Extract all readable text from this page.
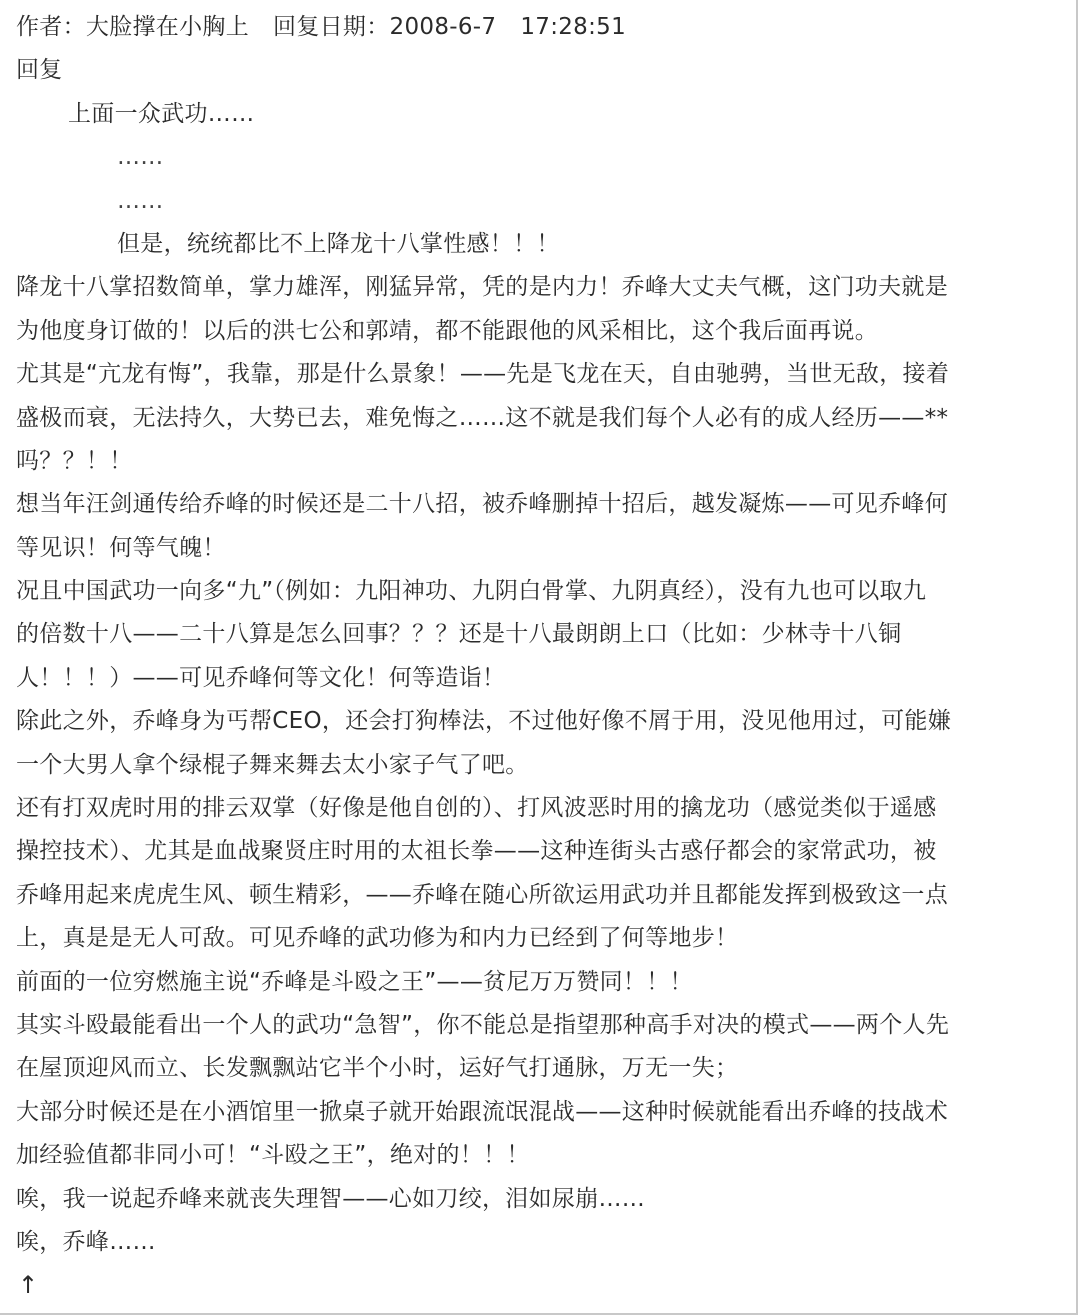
作者：大脸撑在小胸上 回复日期：2008-6-7 17:28:51
回复
上面一众武功……
……
……
但是，统统都比不上降龙十八掌性感！！！
降龙十八掌招数简单，掌力雄浑，刚猛异常，凭的是内力！乔峰大丈夫气概，这门功夫就是
为他度身订做的！以后的洪七公和郭靖，都不能跟他的风采相比，这个我后面再说。
尤其是“亢龙有悔”，我靠，那是什么景象！——先是飞龙在天，自由驰骋，当世无敌，接着
盛极而衰，无法持久，大势已去，难免悔之……这不就是我们每个人必有的成人经历——**
吗？？！！
想当年汪剑通传给乔峰的时候还是二十八招，被乔峰删掉十招后，越发凝炼——可见乔峰何
等见识！何等气魄！
况且中国武功一向多“九”（例如：九阳神功、九阴白骨掌、九阴真经），没有九也可以取九
的倍数十八——二十八算是怎么回事？？？还是十八最朗朗上口（比如：少林寺十八铜
人！！！）——可见乔峰何等文化！何等造诣！
除此之外，乔峰身为丐帮CEO，还会打狗棒法，不过他好像不屑于用，没见他用过，可能嫌
一个大男人拿个绿棍子舞来舞去太小家子气了吧。
还有打双虎时用的排云双掌（好像是他自创的）、打风波恶时用的擒龙功（感觉类似于遥感
操控技术）、尤其是血战聚贤庄时用的太祖长拳——这种连街头古惑仔都会的家常武功，被
乔峰用起来虎虎生风、顿生精彩，——乔峰在随心所欲运用武功并且都能发挥到极致这一点
上，真是是无人可敌。可见乔峰的武功修为和内力已经到了何等地步！
前面的一位穷燃施主说“乔峰是斗殴之王”——贫尼万万赞同！！！
其实斗殴最能看出一个人的武功“急智”，你不能总是指望那种高手对决的模式——两个人先
在屋顶迎风而立、长发飘飘站它半个小时，运好气打通脉，万无一失；
大部分时候还是在小酒馆里一掀桌子就开始跟流氓混战——这种时候就能看出乔峰的技战术
加经验值都非同小可！“斗殴之王”，绝对的！！！
唉，我一说起乔峰来就丧失理智——心如刀绞，泪如尿崩……
唉，乔峰……
↑
